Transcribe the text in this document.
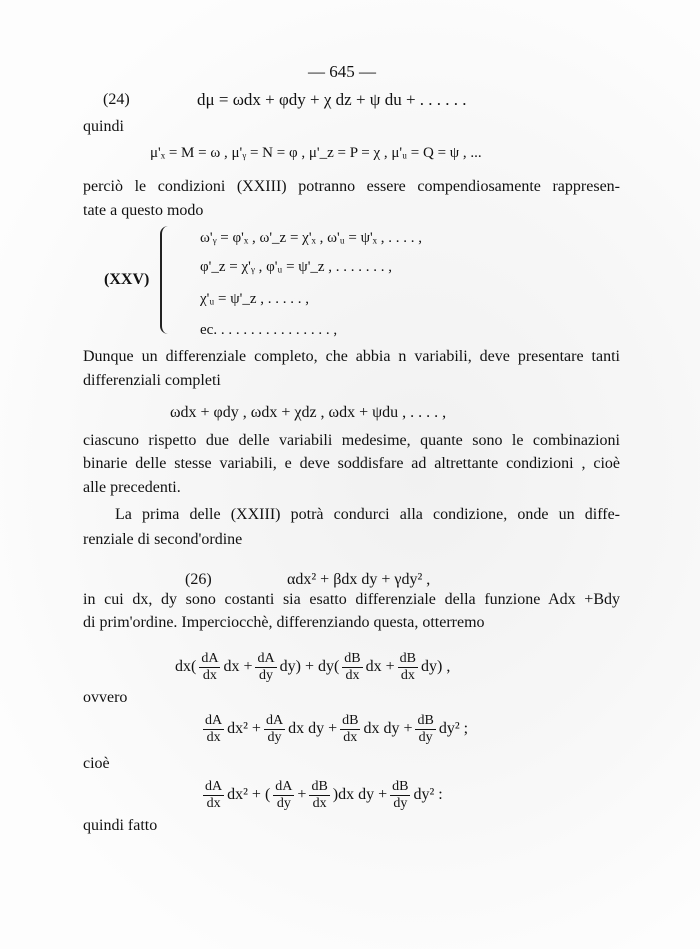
— 645 —
(24)	dμ = ωdx + φdy + χ dz + ψ du + . . . . . .
quindi
μ'ₓ = M = ω , μ'ᵧ = N = φ , μ'_z = P = χ , μ'ᵤ = Q = ψ , ...
perciò le condizioni (XXIII) potranno essere compendiosamente rappresen-
tate a questo modo
(XXV)
ω'ᵧ = φ'ₓ , ω'_z = χ'ₓ , ω'ᵤ = ψ'ₓ , . . . . ,
φ'_z = χ'ᵧ , φ'ᵤ = ψ'_z , . . . . . . . ,
χ'ᵤ = ψ'_z , . . . . . ,
ec. . . . . . . . . . . . . . . . ,
Dunque un differenziale completo, che abbia n variabili, deve presentare tanti
differenziali completi
ωdx + φdy , ωdx + χdz , ωdx + ψdu , . . . . ,
ciascuno rispetto due delle variabili medesime, quante sono le combinazioni
binarie delle stesse variabili, e deve soddisfare ad altrettante condizioni , cioè
alle precedenti.
La prima delle (XXIII) potrà condurci alla condizione, onde un diffe-
renziale di second'ordine
(26)	αdx² + βdx dy + γdy² ,
in cui dx, dy sono costanti sia esatto differenziale della funzione Adx +Bdy
di prim'ordine. Imperciocchè, differenziando questa, otterremo
$dx( \frac{dA}{dx}$ dx + $\frac{dA}{dy} dy) + dy( \frac{dB}{dx}$ dx + $\frac{dB}{dx} dy$) ,
ovvero
$\frac{dA}{dx} dx^2 + \frac{dA}{dy}$ dx dy + $\frac{dB}{dx}$ dx dy + $\frac{dB}{dy} dy^2$ ;
cioè
$\frac{dA}{dx} dx^2$ + ( $\frac{dA}{dy} + \frac{dB}{dx} )dx$ dy + $\frac{dB}{dy} dy^2$ :
quindi fatto
